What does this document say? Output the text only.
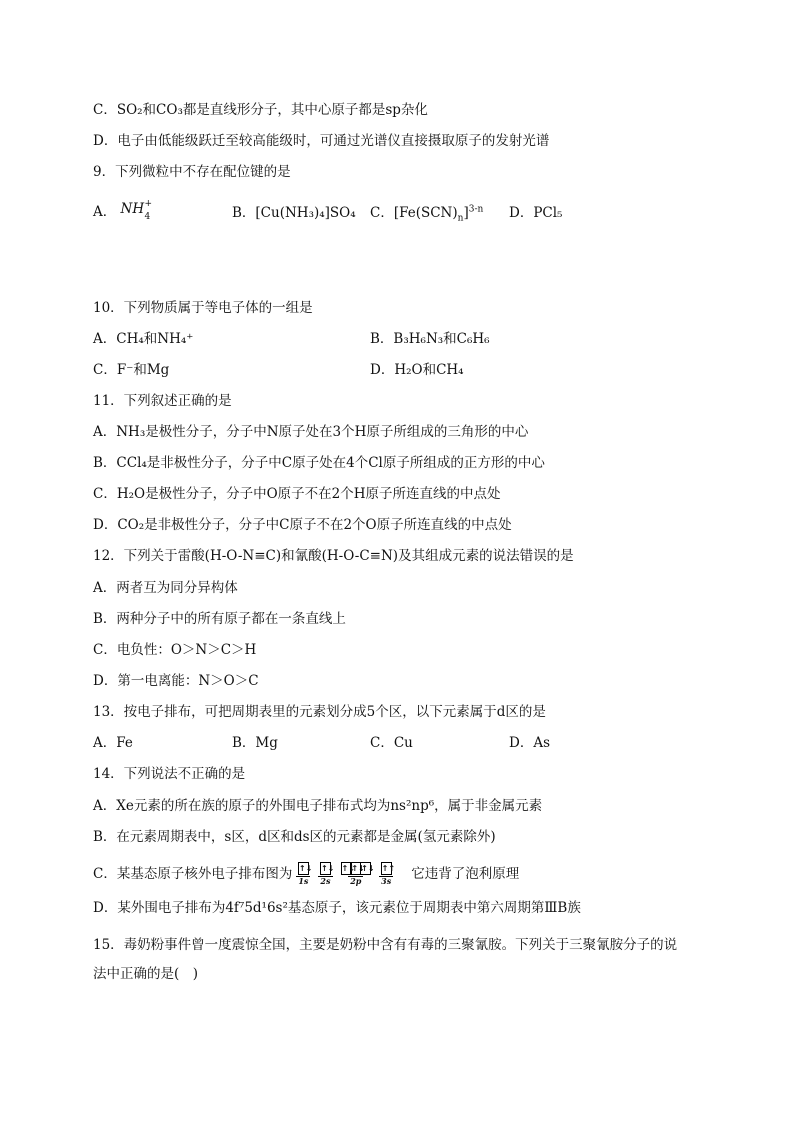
C．SO₂和CO₃都是直线形分子，其中心原子都是sp杂化
D．电子由低能级跃迁至较高能级时，可通过光谱仪直接摄取原子的发射光谱
9．下列微粒中不存在配位键的是
A． NH +
4	B．[Cu(NH₃)₄]SO₄ C．$[Fe(SCN)_n]^{3-n}$ D．PCl₅
10．下列物质属于等电子体的一组是
A．CH₄和NH₄⁺	B．B₃H₆N₃和C₆H₆
C．F⁻和Mg	D．H₂O和CH₄
11．下列叙述正确的是
A．NH₃是极性分子，分子中N原子处在3个H原子所组成的三角形的中心
B．CCl₄是非极性分子，分子中C原子处在4个Cl原子所组成的正方形的中心
C．H₂O是极性分子，分子中O原子不在2个H原子所连直线的中点处
D．CO₂是非极性分子，分子中C原子不在2个O原子所连直线的中点处
12．下列关于雷酸(H-O-N≡C)和氰酸(H-O-C≡N)及其组成元素的说法错误的是
A．两者互为同分异构体
B．两种分子中的所有原子都在一条直线上
C．电负性：O＞N＞C＞H
D．第一电离能：N＞O＞C
13．按电子排布，可把周期表里的元素划分成5个区，以下元素属于d区的是
A．Fe	B．Mg	C．Cu	D．As
14．下列说法不正确的是
A．Xe元素的所在族的原子的外围电子排布式均为ns²np⁶，属于非金属元素
B．在元素周期表中，s区，d区和ds区的元素都是金属(氢元素除外)
C．某基态原子核外电子排布图为 ↑↓
1s
↑↓
2s
↑↓
↑↓
↑↓
2p
↑↑
3s 它违背了泡利原理
D．某外围电子排布为4f⁷5d¹6s²基态原子，该元素位于周期表中第六周期第ⅢB族
15．毒奶粉事件曾一度震惊全国，主要是奶粉中含有有毒的三聚氰胺。下列关于三聚氰胺分子的说
法中正确的是(　)
